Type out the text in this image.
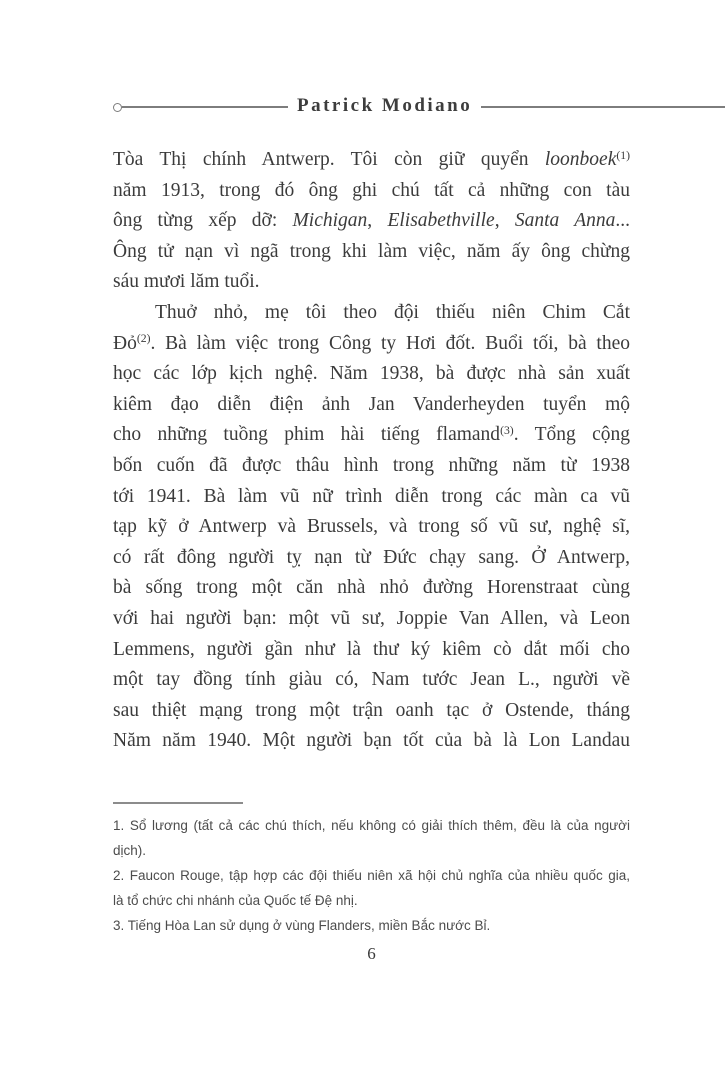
Patrick Modiano
Tòa Thị chính Antwerp. Tôi còn giữ quyển loonboek$^{(1)}$
năm 1913, trong đó ông ghi chú tất cả những con tàu
ông từng xếp dỡ: Michigan, Elisabethville, Santa Anna...
Ông tử nạn vì ngã trong khi làm việc, năm ấy ông chừng
sáu mươi lăm tuổi.
Thuở nhỏ, mẹ tôi theo đội thiếu niên Chim Cắt
Đỏ$^{(2)}$. Bà làm việc trong Công ty Hơi đốt. Buổi tối, bà theo
học các lớp kịch nghệ. Năm 1938, bà được nhà sản xuất
kiêm đạo diễn điện ảnh Jan Vanderheyden tuyển mộ
cho những tuồng phim hài tiếng flamand$^{(3)}$. Tổng cộng
bốn cuốn đã được thâu hình trong những năm từ 1938
tới 1941. Bà làm vũ nữ trình diễn trong các màn ca vũ
tạp kỹ ở Antwerp và Brussels, và trong số vũ sư, nghệ sĩ,
có rất đông người tỵ nạn từ Đức chạy sang. Ở Antwerp,
bà sống trong một căn nhà nhỏ đường Horenstraat cùng
với hai người bạn: một vũ sư, Joppie Van Allen, và Leon
Lemmens, người gần như là thư ký kiêm cò dắt mối cho
một tay đồng tính giàu có, Nam tước Jean L., người về
sau thiệt mạng trong một trận oanh tạc ở Ostende, tháng
Năm năm 1940. Một người bạn tốt của bà là Lon Landau
1. Sổ lương (tất cả các chú thích, nếu không có giải thích thêm, đều là của người
dịch).
2. Faucon Rouge, tập hợp các đội thiếu niên xã hội chủ nghĩa của nhiều quốc gia,
là tổ chức chi nhánh của Quốc tế Đệ nhị.
3. Tiếng Hòa Lan sử dụng ở vùng Flanders, miền Bắc nước Bỉ.
6
